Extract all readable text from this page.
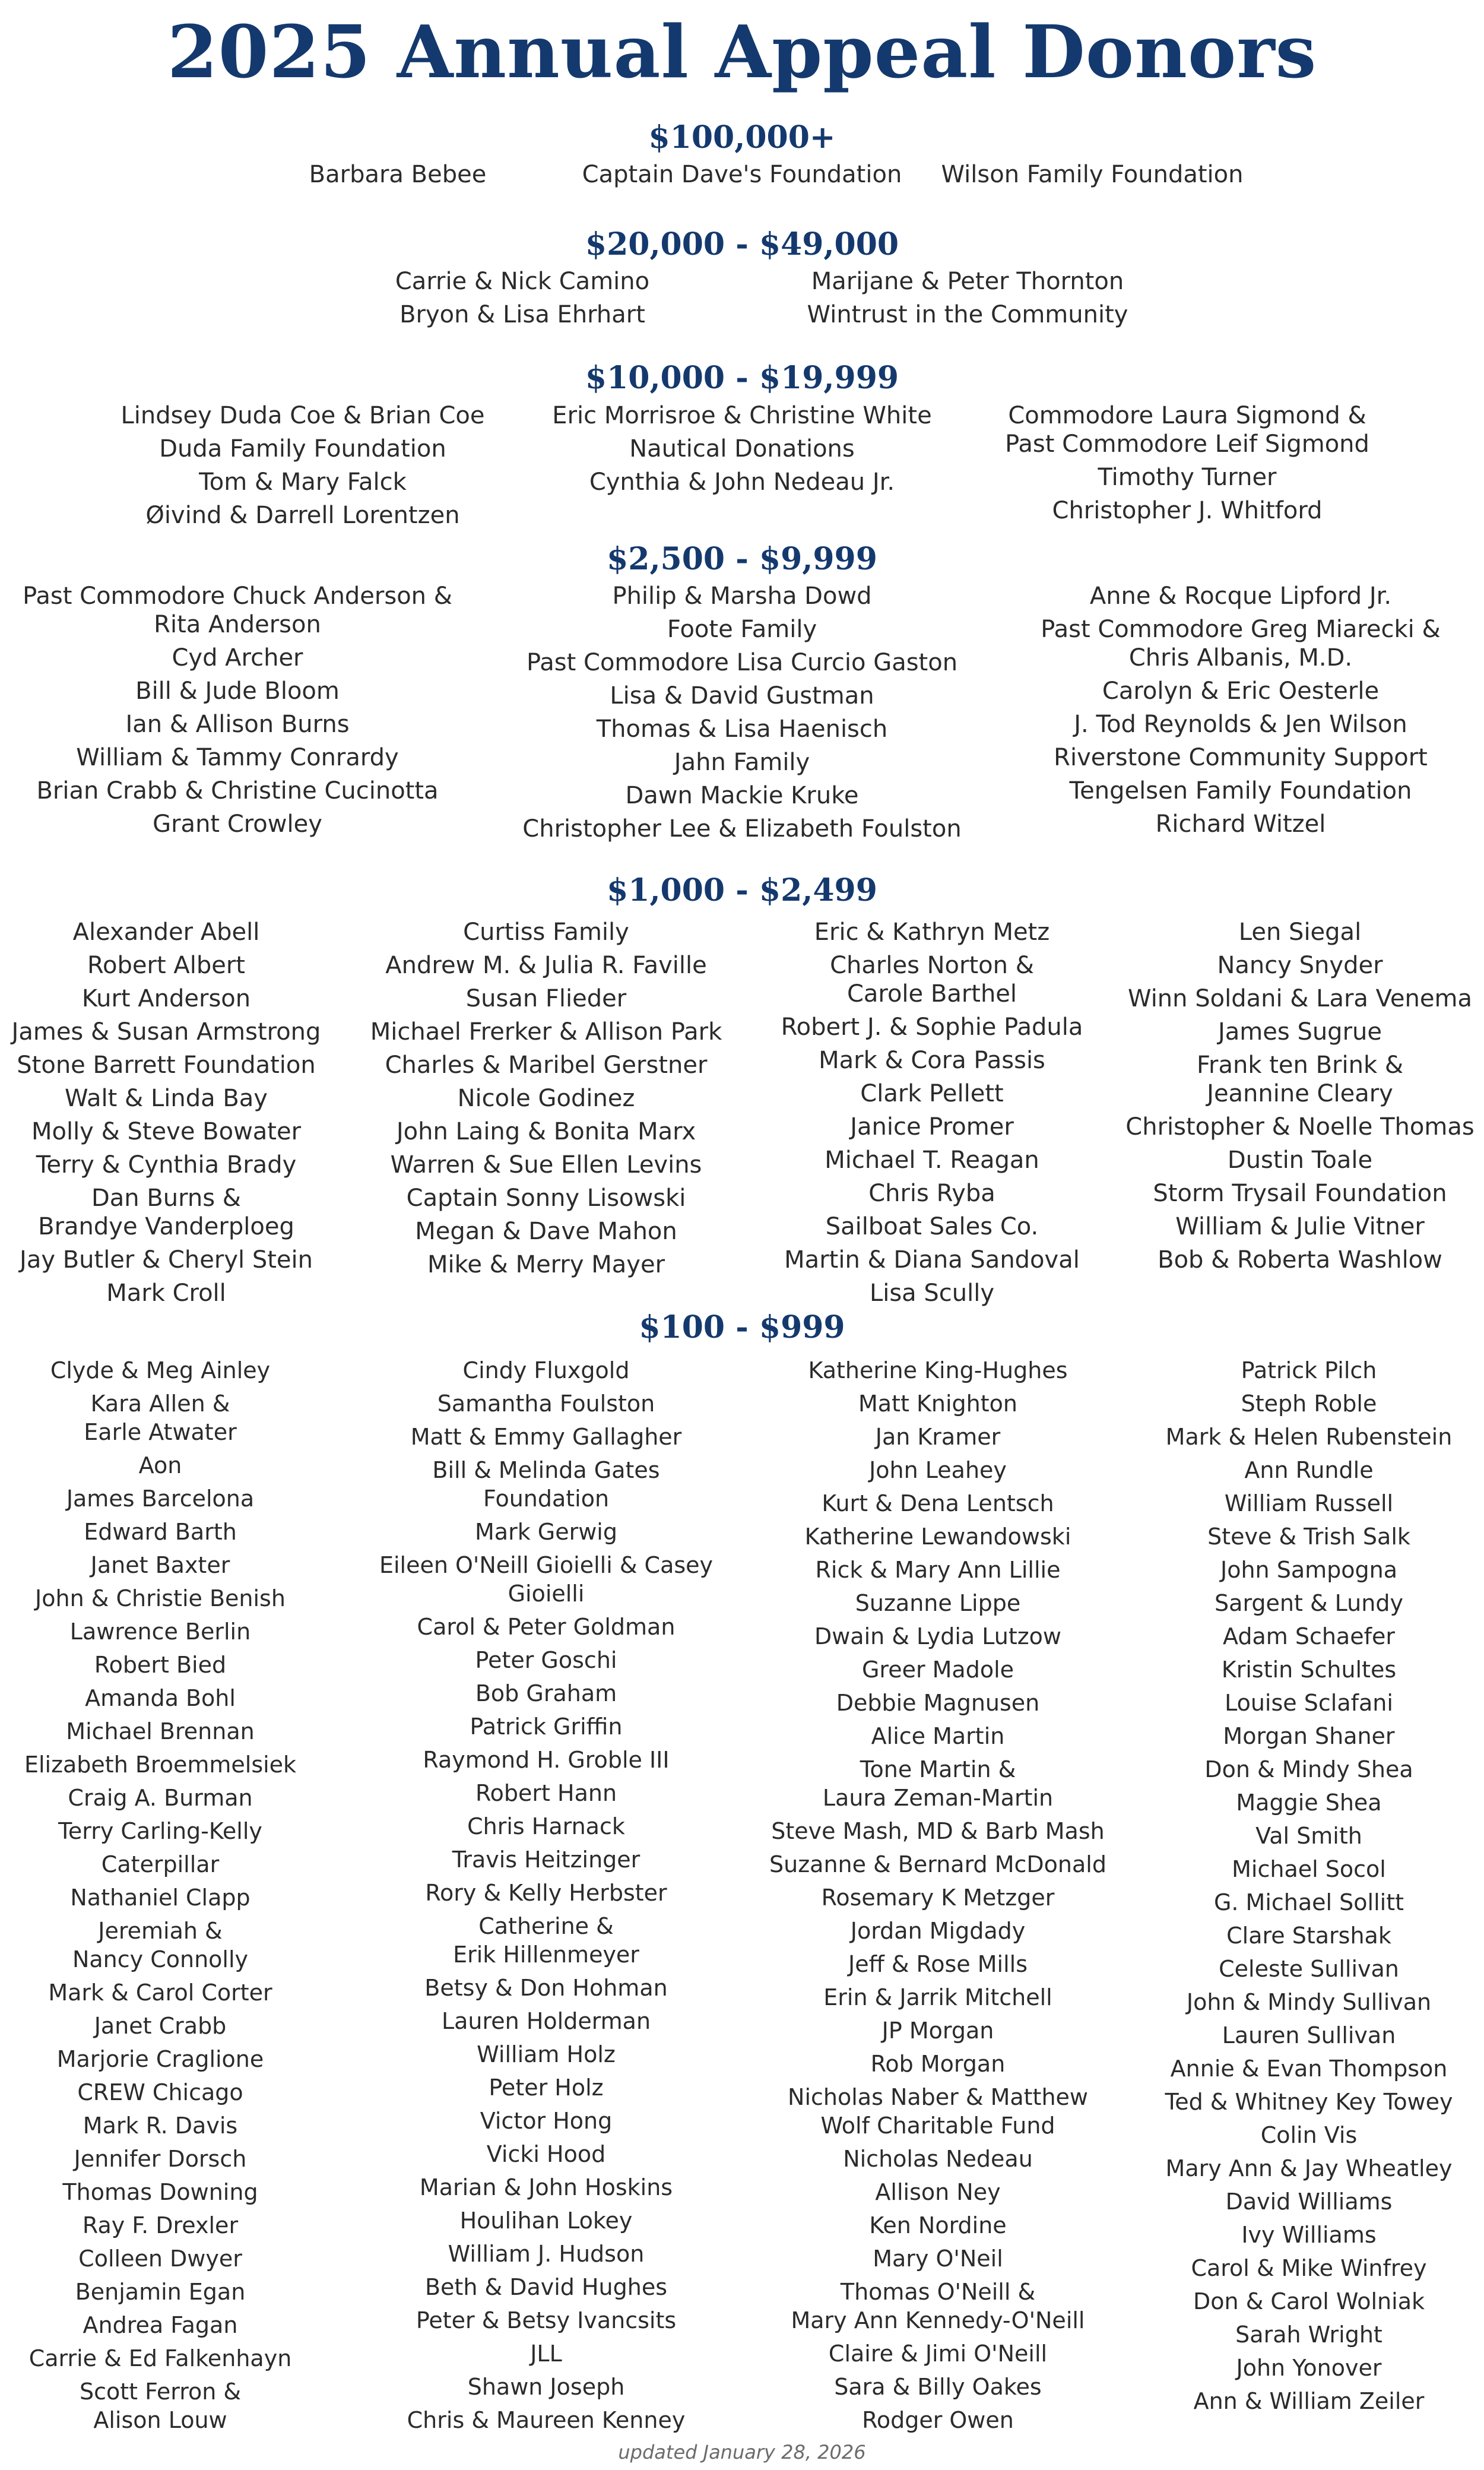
2025 Annual Appeal Donors
$100,000+
Barbara Bebee	Captain Dave's Foundation	Wilson Family Foundation
$20,000 - $49,000
Carrie & Nick Camino
Bryon & Lisa Ehrhart
Marijane & Peter Thornton
Wintrust in the Community
$10,000 - $19,999
Lindsey Duda Coe & Brian Coe
Duda Family Foundation
Tom & Mary Falck
Øivind & Darrell Lorentzen
Eric Morrisroe & Christine White
Nautical Donations
Cynthia & John Nedeau Jr.
Commodore Laura Sigmond &
Past Commodore Leif Sigmond
Timothy Turner
Christopher J. Whitford
$2,500 - $9,999
Past Commodore Chuck Anderson &
Rita Anderson
Cyd Archer
Bill & Jude Bloom
Ian & Allison Burns
William & Tammy Conrardy
Brian Crabb & Christine Cucinotta
Grant Crowley
Philip & Marsha Dowd
Foote Family
Past Commodore Lisa Curcio Gaston
Lisa & David Gustman
Thomas & Lisa Haenisch
Jahn Family
Dawn Mackie Kruke
Christopher Lee & Elizabeth Foulston
Anne & Rocque Lipford Jr.
Past Commodore Greg Miarecki &
Chris Albanis, M.D.
Carolyn & Eric Oesterle
J. Tod Reynolds & Jen Wilson
Riverstone Community Support
Tengelsen Family Foundation
Richard Witzel
$1,000 - $2,499
Alexander Abell
Robert Albert
Kurt Anderson
James & Susan Armstrong
Stone Barrett Foundation
Walt & Linda Bay
Molly & Steve Bowater
Terry & Cynthia Brady
Dan Burns &
Brandye Vanderploeg
Jay Butler & Cheryl Stein
Mark Croll
Curtiss Family
Andrew M. & Julia R. Faville
Susan Flieder
Michael Frerker & Allison Park
Charles & Maribel Gerstner
Nicole Godinez
John Laing & Bonita Marx
Warren & Sue Ellen Levins
Captain Sonny Lisowski
Megan & Dave Mahon
Mike & Merry Mayer
Eric & Kathryn Metz
Charles Norton &
Carole Barthel
Robert J. & Sophie Padula
Mark & Cora Passis
Clark Pellett
Janice Promer
Michael T. Reagan
Chris Ryba
Sailboat Sales Co.
Martin & Diana Sandoval
Lisa Scully
Len Siegal
Nancy Snyder
Winn Soldani & Lara Venema
James Sugrue
Frank ten Brink &
Jeannine Cleary
Christopher & Noelle Thomas
Dustin Toale
Storm Trysail Foundation
William & Julie Vitner
Bob & Roberta Washlow
$100 - $999
Clyde & Meg Ainley
Kara Allen &
Earle Atwater
Aon
James Barcelona
Edward Barth
Janet Baxter
John & Christie Benish
Lawrence Berlin
Robert Bied
Amanda Bohl
Michael Brennan
Elizabeth Broemmelsiek
Craig A. Burman
Terry Carling-Kelly
Caterpillar
Nathaniel Clapp
Jeremiah &
Nancy Connolly
Mark & Carol Corter
Janet Crabb
Marjorie Craglione
CREW Chicago
Mark R. Davis
Jennifer Dorsch
Thomas Downing
Ray F. Drexler
Colleen Dwyer
Benjamin Egan
Andrea Fagan
Carrie & Ed Falkenhayn
Scott Ferron &
Alison Louw
Cindy Fluxgold
Samantha Foulston
Matt & Emmy Gallagher
Bill & Melinda Gates
Foundation
Mark Gerwig
Eileen O'Neill Gioielli & Casey
Gioielli
Carol & Peter Goldman
Peter Goschi
Bob Graham
Patrick Griffin
Raymond H. Groble III
Robert Hann
Chris Harnack
Travis Heitzinger
Rory & Kelly Herbster
Catherine &
Erik Hillenmeyer
Betsy & Don Hohman
Lauren Holderman
William Holz
Peter Holz
Victor Hong
Vicki Hood
Marian & John Hoskins
Houlihan Lokey
William J. Hudson
Beth & David Hughes
Peter & Betsy Ivancsits
JLL
Shawn Joseph
Chris & Maureen Kenney
Katherine King-Hughes
Matt Knighton
Jan Kramer
John Leahey
Kurt & Dena Lentsch
Katherine Lewandowski
Rick & Mary Ann Lillie
Suzanne Lippe
Dwain & Lydia Lutzow
Greer Madole
Debbie Magnusen
Alice Martin
Tone Martin &
Laura Zeman-Martin
Steve Mash, MD & Barb Mash
Suzanne & Bernard McDonald
Rosemary K Metzger
Jordan Migdady
Jeff & Rose Mills
Erin & Jarrik Mitchell
JP Morgan
Rob Morgan
Nicholas Naber & Matthew
Wolf Charitable Fund
Nicholas Nedeau
Allison Ney
Ken Nordine
Mary O'Neil
Thomas O'Neill &
Mary Ann Kennedy-O'Neill
Claire & Jimi O'Neill
Sara & Billy Oakes
Rodger Owen
Patrick Pilch
Steph Roble
Mark & Helen Rubenstein
Ann Rundle
William Russell
Steve & Trish Salk
John Sampogna
Sargent & Lundy
Adam Schaefer
Kristin Schultes
Louise Sclafani
Morgan Shaner
Don & Mindy Shea
Maggie Shea
Val Smith
Michael Socol
G. Michael Sollitt
Clare Starshak
Celeste Sullivan
John & Mindy Sullivan
Lauren Sullivan
Annie & Evan Thompson
Ted & Whitney Key Towey
Colin Vis
Mary Ann & Jay Wheatley
David Williams
Ivy Williams
Carol & Mike Winfrey
Don & Carol Wolniak
Sarah Wright
John Yonover
Ann & William Zeiler
updated January 28, 2026
